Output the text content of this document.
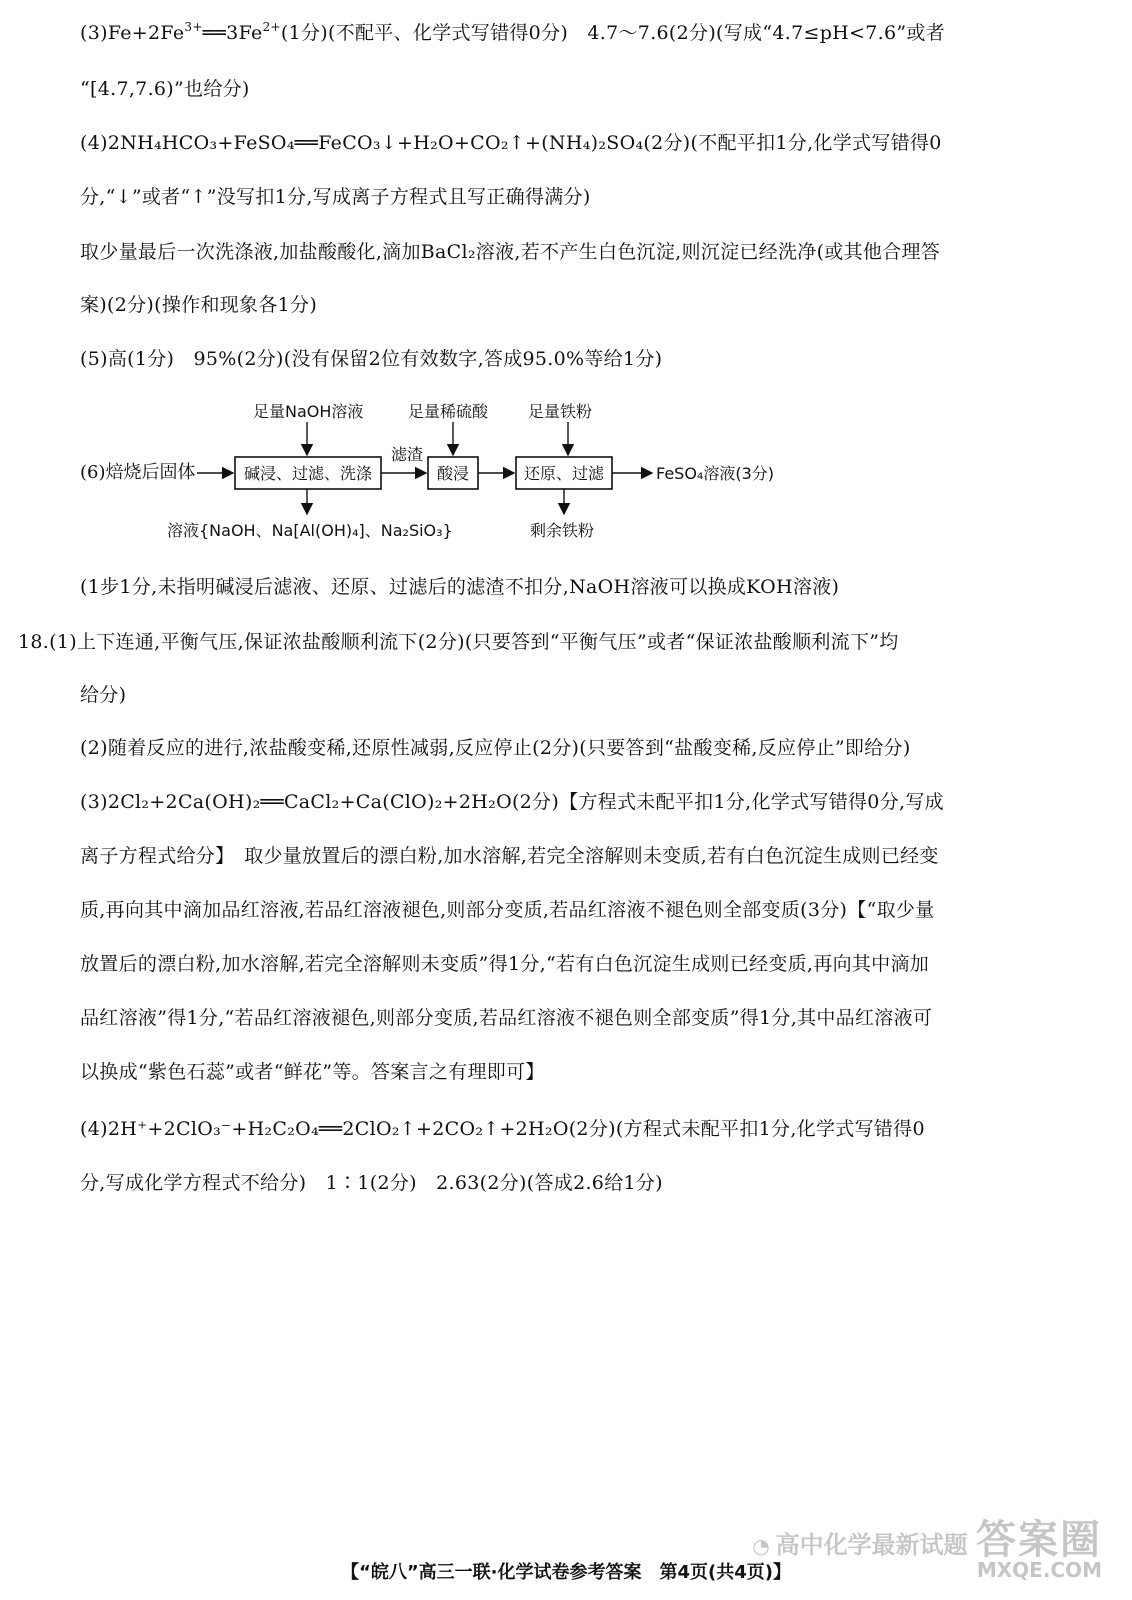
$(3)Fe+2Fe^{3+}══3Fe^{2+}(1$分)(不配平、化学式写错得0分)　4.7～7.6(2分)(写成“4.7≤pH<7.6”或者
“[4.7,7.6)”也给分)
(4)2NH₄HCO₃+FeSO₄══FeCO₃↓+H₂O+CO₂↑+(NH₄)₂SO₄(2分)(不配平扣1分,化学式写错得0
分,“↓”或者“↑”没写扣1分,写成离子方程式且写正确得满分)
取少量最后一次洗涤液,加盐酸酸化,滴加BaCl₂溶液,若不产生白色沉淀,则沉淀已经洗净(或其他合理答
案)(2分)(操作和现象各1分)
(5)高(1分)　95%(2分)(没有保留2位有效数字,答成95.0%等给1分)
(6)焙烧后固体
足量NaOH溶液	足量稀硫酸 足量铁粉
碱浸、过滤、洗涤
滤渣
酸浸	还原、过滤	FeSO₄溶液(3分)
溶液{NaOH、Na[Al(OH)₄]、Na₂SiO₃}	剩余铁粉
(1步1分,未指明碱浸后滤液、还原、过滤后的滤渣不扣分,NaOH溶液可以换成KOH溶液)
18.(1)上下连通,平衡气压,保证浓盐酸顺利流下(2分)(只要答到“平衡气压”或者“保证浓盐酸顺利流下”均
给分)
(2)随着反应的进行,浓盐酸变稀,还原性减弱,反应停止(2分)(只要答到“盐酸变稀,反应停止”即给分)
(3)2Cl₂+2Ca(OH)₂══CaCl₂+Ca(ClO)₂+2H₂O(2分)【方程式未配平扣1分,化学式写错得0分,写成
离子方程式给分】　取少量放置后的漂白粉,加水溶解,若完全溶解则未变质,若有白色沉淀生成则已经变
质,再向其中滴加品红溶液,若品红溶液褪色,则部分变质,若品红溶液不褪色则全部变质(3分)【“取少量
放置后的漂白粉,加水溶解,若完全溶解则未变质”得1分,“若有白色沉淀生成则已经变质,再向其中滴加
品红溶液”得1分,“若品红溶液褪色,则部分变质,若品红溶液不褪色则全部变质”得1分,其中品红溶液可
以换成“紫色石蕊”或者“鲜花”等。答案言之有理即可】
(4)2H⁺+2ClO₃⁻+H₂C₂O₄══2ClO₂↑+2CO₂↑+2H₂O(2分)(方程式未配平扣1分,化学式写错得0
分,写成化学方程式不给分)　1∶1(2分)　2.63(2分)(答成2.6给1分)
◔ 高中化学最新试题 答案圈
MXQE.COM
【“皖八”高三一联·化学试卷参考答案　第4页(共4页)】
